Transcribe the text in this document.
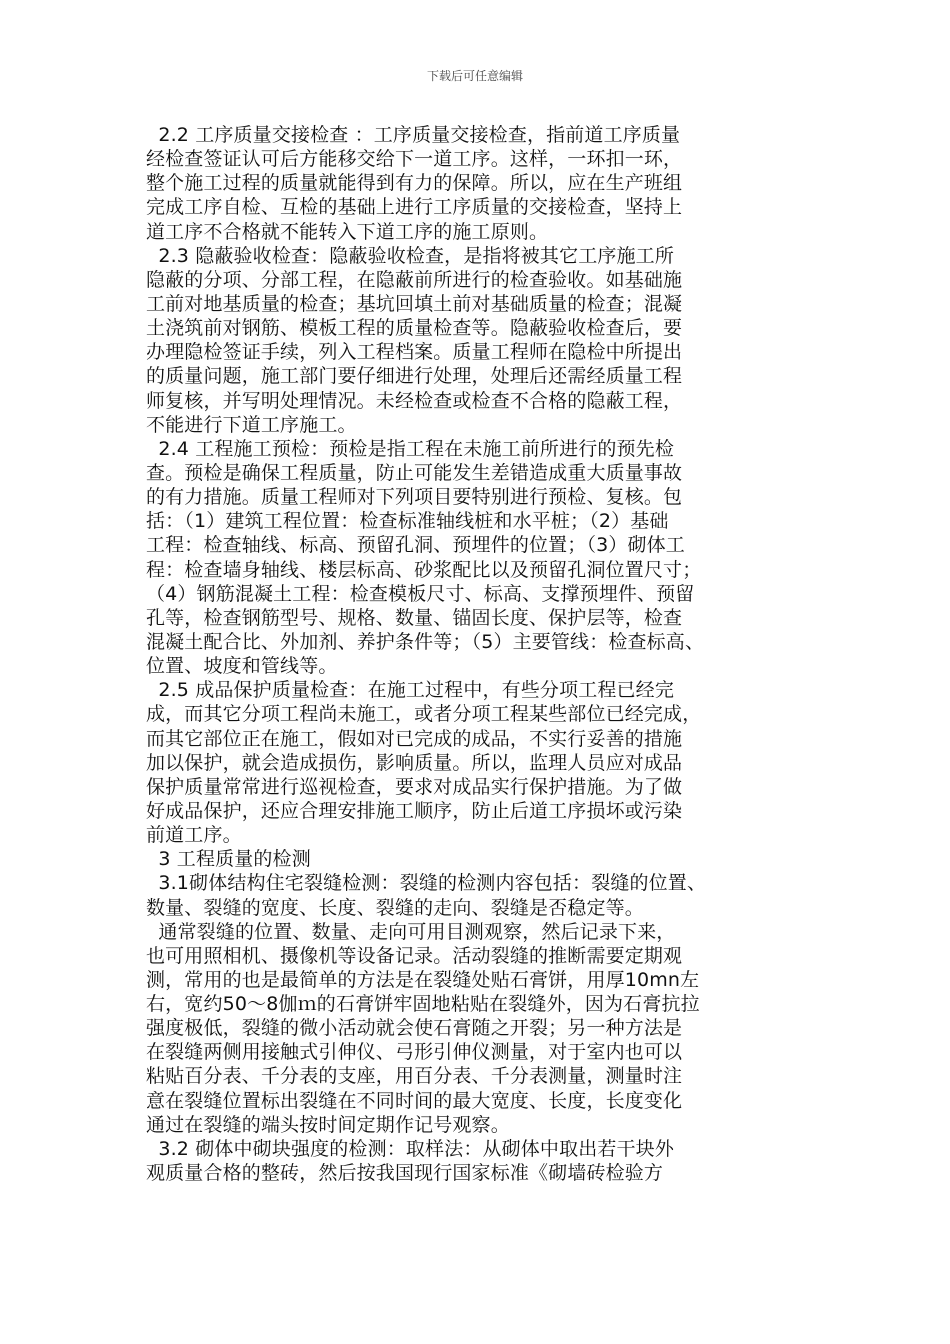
下载后可任意编辑
2.2 工序质量交接检查 ：工序质量交接检查，指前道工序质量
经检查签证认可后方能移交给下一道工序。这样，一环扣一环，
整个施工过程的质量就能得到有力的保障。所以，应在生产班组
完成工序自检、互检的基础上进行工序质量的交接检查，坚持上
道工序不合格就不能转入下道工序的施工原则。
2.3 隐蔽验收检查：隐蔽验收检查，是指将被其它工序施工所
隐蔽的分项、分部工程，在隐蔽前所进行的检查验收。如基础施
工前对地基质量的检查；基坑回填土前对基础质量的检查；混凝
土浇筑前对钢筋、模板工程的质量检查等。隐蔽验收检查后，要
办理隐检签证手续，列入工程档案。质量工程师在隐检中所提出
的质量问题，施工部门要仔细进行处理，处理后还需经质量工程
师复核，并写明处理情况。未经检查或检查不合格的隐蔽工程，
不能进行下道工序施工。
2.4 工程施工预检：预检是指工程在未施工前所进行的预先检
查。预检是确保工程质量，防止可能发生差错造成重大质量事故
的有力措施。质量工程师对下列项目要特别进行预检、复核。包
括：（1）建筑工程位置：检查标准轴线桩和水平桩；（2）基础
工程：检查轴线、标高、预留孔洞、预埋件的位置；（3）砌体工
程：检查墙身轴线、楼层标高、砂浆配比以及预留孔洞位置尺寸；
（4）钢筋混凝土工程：检查模板尺寸、标高、支撑预埋件、预留
孔等，检查钢筋型号、规格、数量、锚固长度、保护层等，检查
混凝土配合比、外加剂、养护条件等；（5）主要管线：检查标高、
位置、坡度和管线等。
2.5 成品保护质量检查：在施工过程中，有些分项工程已经完
成，而其它分项工程尚未施工，或者分项工程某些部位已经完成，
而其它部位正在施工，假如对已完成的成品，不实行妥善的措施
加以保护，就会造成损伤，影响质量。所以，监理人员应对成品
保护质量常常进行巡视检查，要求对成品实行保护措施。为了做
好成品保护，还应合理安排施工顺序，防止后道工序损坏或污染
前道工序。
3 工程质量的检测
3.1砌体结构住宅裂缝检测：裂缝的检测内容包括：裂缝的位置、
数量、裂缝的宽度、长度、裂缝的走向、裂缝是否稳定等。
通常裂缝的位置、数量、走向可用目测观察，然后记录下来，
也可用照相机、摄像机等设备记录。活动裂缝的推断需要定期观
测，常用的也是最简单的方法是在裂缝处贴石膏饼，用厚10mn左
右，宽约50～8伽ｍ的石膏饼牢固地粘贴在裂缝外，因为石膏抗拉
强度极低，裂缝的微小活动就会使石膏随之开裂；另一种方法是
在裂缝两侧用接触式引伸仪、弓形引伸仪测量，对于室内也可以
粘贴百分表、千分表的支座，用百分表、千分表测量，测量时注
意在裂缝位置标出裂缝在不同时间的最大宽度、长度，长度变化
通过在裂缝的端头按时间定期作记号观察。
3.2 砌体中砌块强度的检测：取样法：从砌体中取出若干块外
观质量合格的整砖，然后按我国现行国家标准《砌墙砖检验方
